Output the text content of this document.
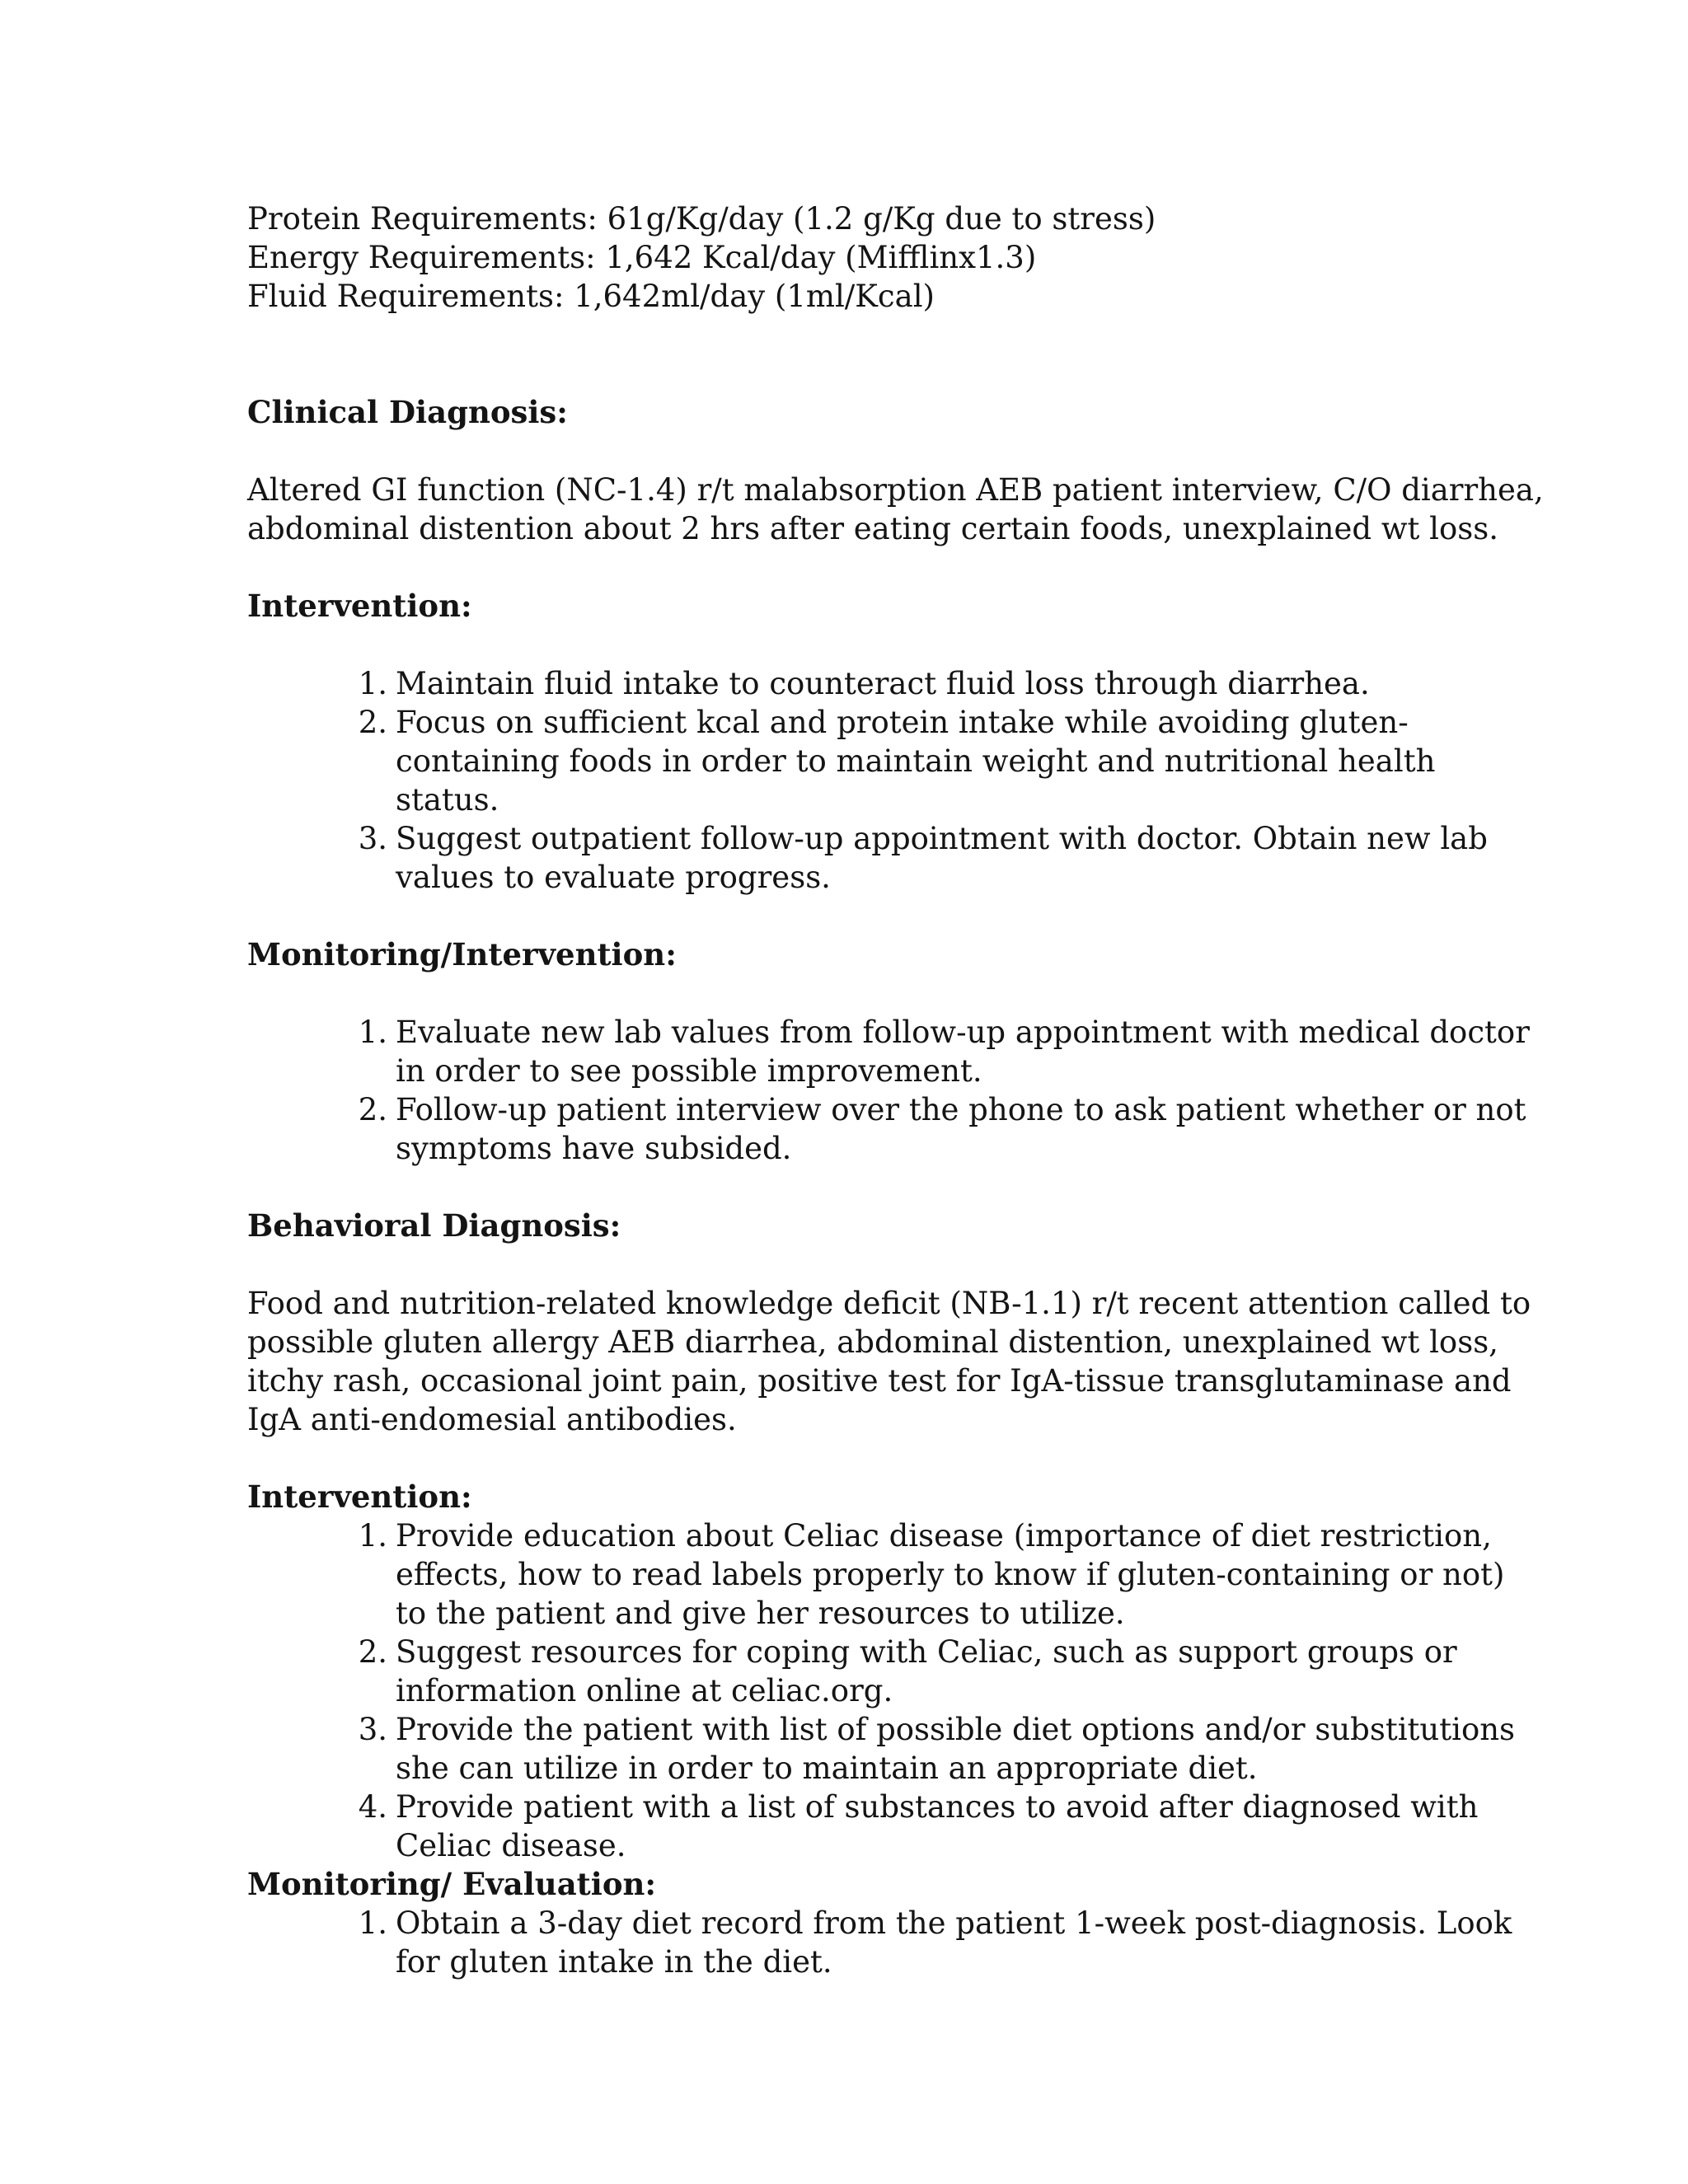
Protein Requirements: 61g/Kg/day (1.2 g/Kg due to stress)
Energy Requirements: 1,642 Kcal/day (Mifflinx1.3)
Fluid Requirements: 1,642ml/day (1ml/Kcal)
Clinical Diagnosis:
Altered GI function (NC-1.4) r/t malabsorption AEB patient interview, C/O diarrhea,
abdominal distention about 2 hrs after eating certain foods, unexplained wt loss.
Intervention:
1. Maintain fluid intake to counteract fluid loss through diarrhea.
2. Focus on sufficient kcal and protein intake while avoiding gluten-
containing foods in order to maintain weight and nutritional health
status.
3. Suggest outpatient follow-up appointment with doctor. Obtain new lab
values to evaluate progress.
Monitoring/Intervention:
1. Evaluate new lab values from follow-up appointment with medical doctor
in order to see possible improvement.
2. Follow-up patient interview over the phone to ask patient whether or not
symptoms have subsided.
Behavioral Diagnosis:
Food and nutrition-related knowledge deficit (NB-1.1) r/t recent attention called to
possible gluten allergy AEB diarrhea, abdominal distention, unexplained wt loss,
itchy rash, occasional joint pain, positive test for IgA-tissue transglutaminase and
IgA anti-endomesial antibodies.
Intervention:
1. Provide education about Celiac disease (importance of diet restriction,
effects, how to read labels properly to know if gluten-containing or not)
to the patient and give her resources to utilize.
2. Suggest resources for coping with Celiac, such as support groups or
information online at celiac.org.
3. Provide the patient with list of possible diet options and/or substitutions
she can utilize in order to maintain an appropriate diet.
4. Provide patient with a list of substances to avoid after diagnosed with
Celiac disease.
Monitoring/ Evaluation:
1. Obtain a 3-day diet record from the patient 1-week post-diagnosis. Look
for gluten intake in the diet.
